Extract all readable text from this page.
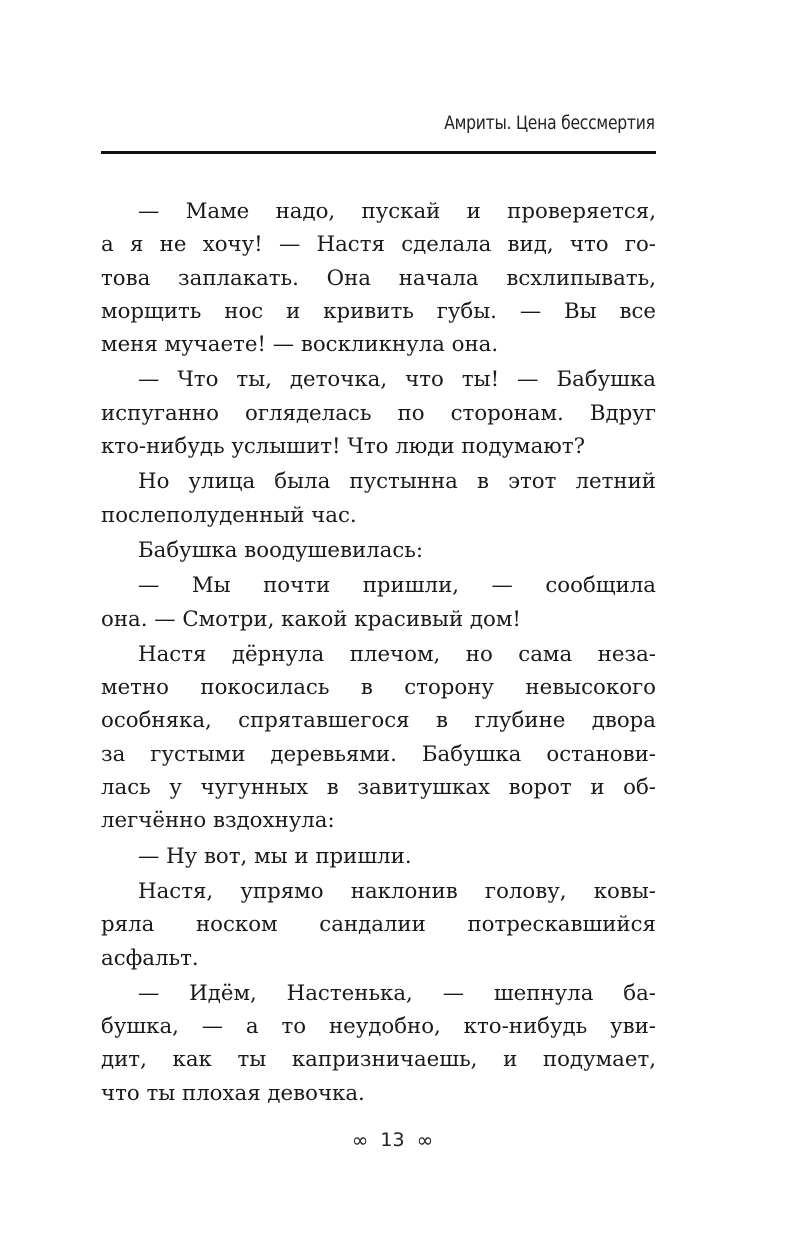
Амриты. Цена бессмертия
— Маме надо, пускай и проверяется,
а я не хочу! — Настя сделала вид, что го-
това заплакать. Она начала всхлипывать,
морщить нос и кривить губы. — Вы все
меня мучаете! — воскликнула она.
— Что ты, деточка, что ты! — Бабушка
испуганно огляделась по сторонам. Вдруг
кто-нибудь услышит! Что люди подумают?
Но улица была пустынна в этот летний
послеполуденный час.
Бабушка воодушевилась:
— Мы почти пришли, — сообщила
она. — Смотри, какой красивый дом!
Настя дёрнула плечом, но сама неза-
метно покосилась в сторону невысокого
особняка, спрятавшегося в глубине двора
за густыми деревьями. Бабушка останови-
лась у чугунных в завитушках ворот и об-
легчённо вздохнула:
— Ну вот, мы и пришли.
Настя, упрямо наклонив голову, ковы-
ряла носком сандалии потрескавшийся
асфальт.
— Идём, Настенька, — шепнула ба-
бушка, — а то неудобно, кто-нибудь уви-
дит, как ты капризничаешь, и подумает,
что ты плохая девочка.
∞ 13 ∞
